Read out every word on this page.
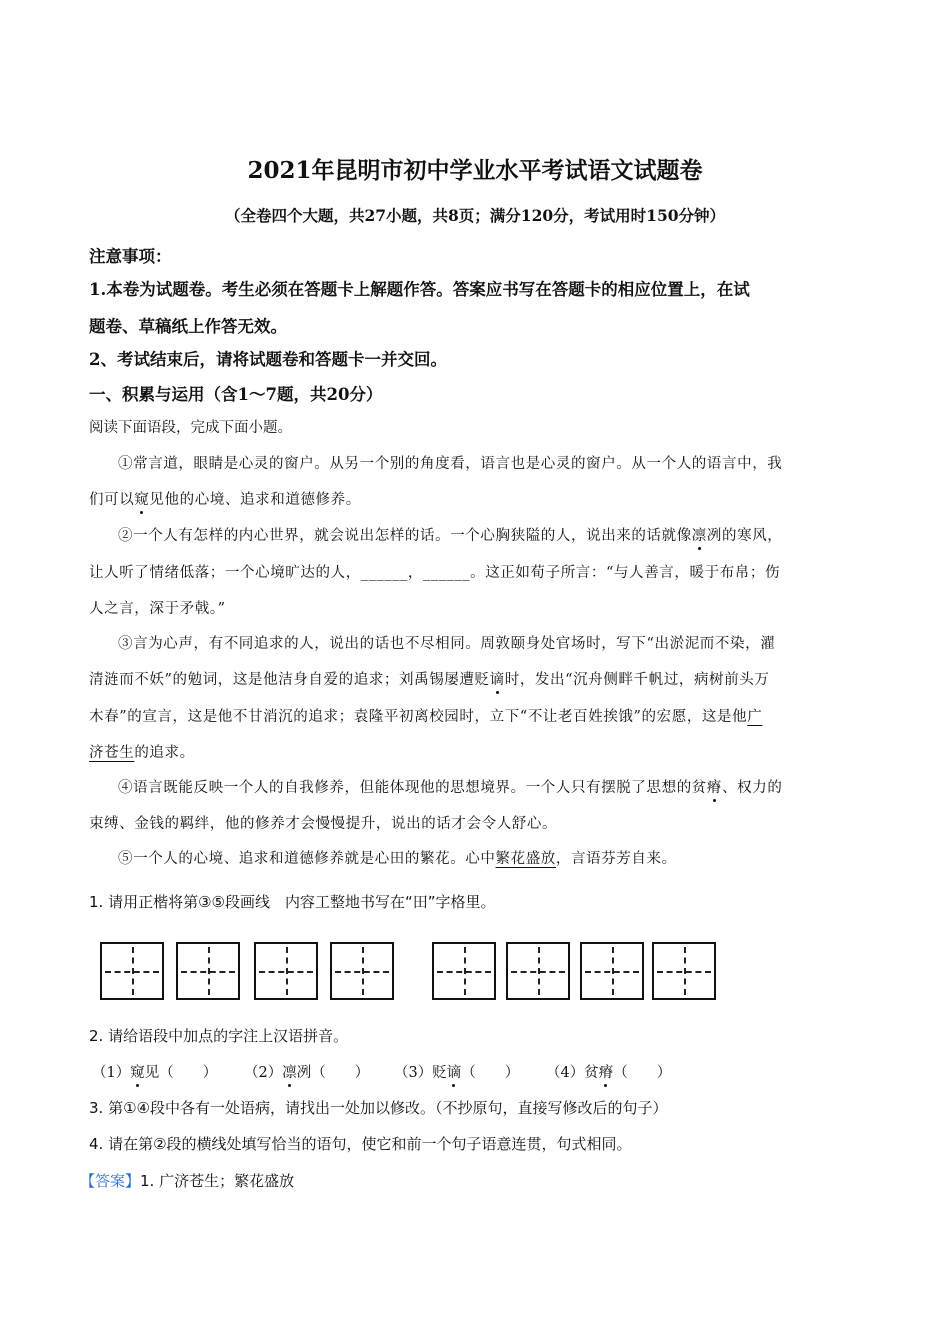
2021年昆明市初中学业水平考试语文试题卷
（全卷四个大题，共27小题，共8页；满分120分，考试用时150分钟）
注意事项：
1.本卷为试题卷。考生必须在答题卡上解题作答。答案应书写在答题卡的相应位置上，在试
题卷、草稿纸上作答无效。
2、考试结束后，请将试题卷和答题卡一并交回。
一、积累与运用（含1～7题，共20分）
阅读下面语段，完成下面小题。
①常言道，眼睛是心灵的窗户。从另一个别的角度看，语言也是心灵的窗户。从一个人的语言中，我
们可以窥见他的心境、追求和道德修养。
②一个人有怎样的内心世界，就会说出怎样的话。一个心胸狭隘的人，说出来的话就像凛冽的寒风，
让人听了情绪低落；一个心境旷达的人，______，______。这正如荀子所言：“与人善言，暖于布帛；伤
人之言，深于矛戟。”
③言为心声，有不同追求的人，说出的话也不尽相同。周敦颐身处官场时，写下“出淤泥而不染，濯
清涟而不妖”的勉词，这是他洁身自爱的追求；刘禹锡屡遭贬谪时，发出“沉舟侧畔千帆过，病树前头万
木春”的宣言，这是他不甘消沉的追求；袁隆平初离校园时，立下“不让老百姓挨饿”的宏愿，这是他广
济苍生的追求。
④语言既能反映一个人的自我修养，但能体现他的思想境界。一个人只有摆脱了思想的贫瘠、权力的
束缚、金钱的羁绊，他的修养才会慢慢提升，说出的话才会令人舒心。
⑤一个人的心境、追求和道德修养就是心田的繁花。心中繁花盛放，言语芬芳自来。
1. 请用正楷将第③⑤段画线　内容工整地书写在“田”字格里。
2. 请给语段中加点的字注上汉语拼音。
（1）窥见（　　） （2）凛冽（　　） （3）贬谪（　　） （4）贫瘠（　　）
3. 第①④段中各有一处语病，请找出一处加以修改。（不抄原句，直接写修改后的句子）
4. 请在第②段的横线处填写恰当的语句，使它和前一个句子语意连贯，句式相同。
【答案】1. 广济苍生；繁花盛放
